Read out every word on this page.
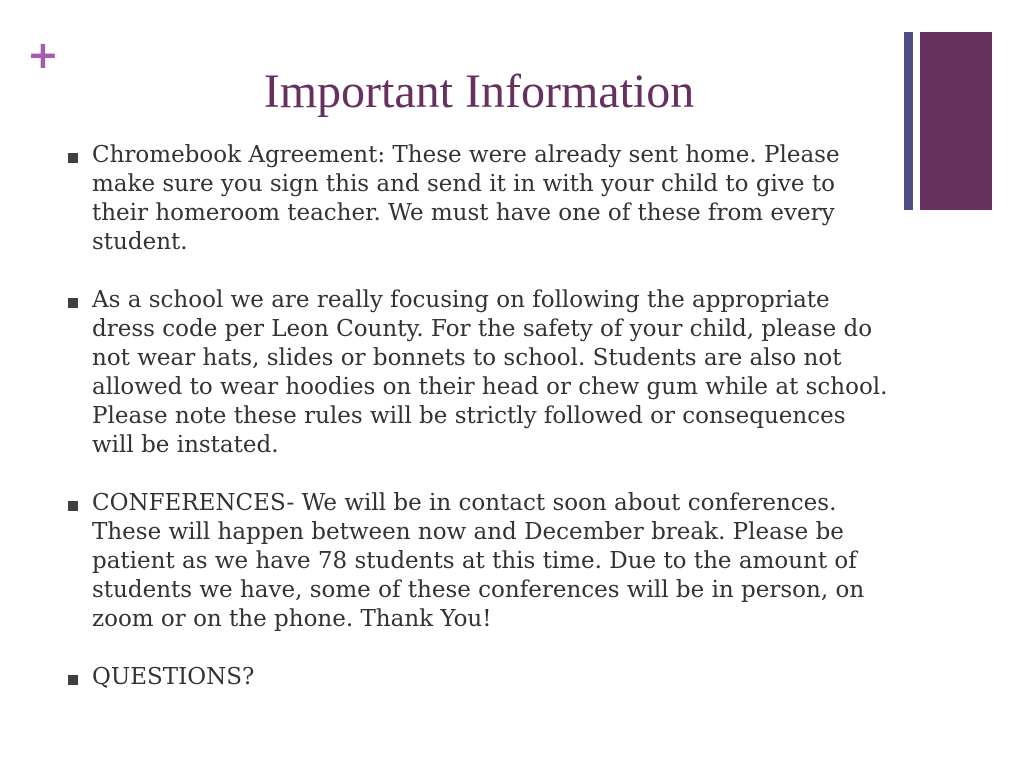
+
Important Information
Chromebook Agreement: These were already sent home. Please make sure you sign this and send it in with your child to give to their homeroom teacher. We must have one of these from every student.
As a school we are really focusing on following the appropriate dress code per Leon County. For the safety of your child, please do not wear hats, slides or bonnets to school. Students are also not allowed to wear hoodies on their head or chew gum while at school. Please note these rules will be strictly followed or consequences will be instated.
CONFERENCES- We will be in contact soon about conferences. These will happen between now and December break. Please be patient as we have 78 students at this time. Due to the amount of students we have, some of these conferences will be in person, on zoom or on the phone. Thank You!
QUESTIONS?
